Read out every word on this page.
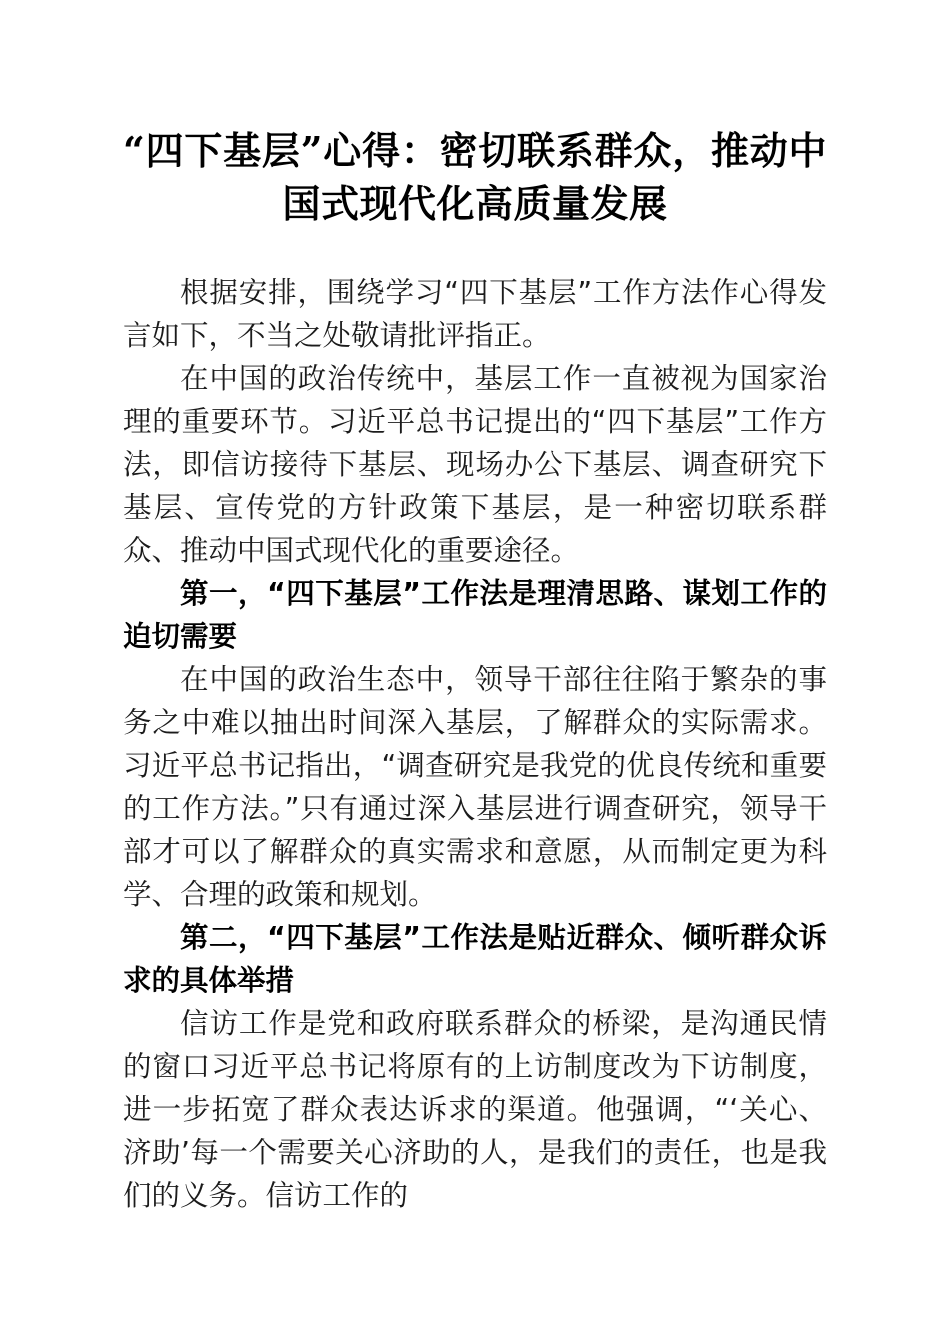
“四下基层”心得：密切联系群众，推动中国式现代化高质量发展

根据安排，围绕学习“四下基层”工作方法作心得发言如下，不当之处敬请批评指正。

在中国的政治传统中，基层工作一直被视为国家治理的重要环节。习近平总书记提出的“四下基层”工作方法，即信访接待下基层、现场办公下基层、调查研究下基层、宣传党的方针政策下基层，是一种密切联系群众、推动中国式现代化的重要途径。

第一，“四下基层”工作法是理清思路、谋划工作的迫切需要

在中国的政治生态中，领导干部往往陷于繁杂的事务之中难以抽出时间深入基层，了解群众的实际需求。习近平总书记指出，“调查研究是我党的优良传统和重要的工作方法。”只有通过深入基层进行调查研究，领导干部才可以了解群众的真实需求和意愿，从而制定更为科学、合理的政策和规划。

第二，“四下基层”工作法是贴近群众、倾听群众诉求的具体举措

信访工作是党和政府联系群众的桥梁，是沟通民情的窗口习近平总书记将原有的上访制度改为下访制度，进一步拓宽了群众表达诉求的渠道。他强调，“‘关心、济助’每一个需要关心济助的人，是我们的责任，也是我们的义务。信访工作的
